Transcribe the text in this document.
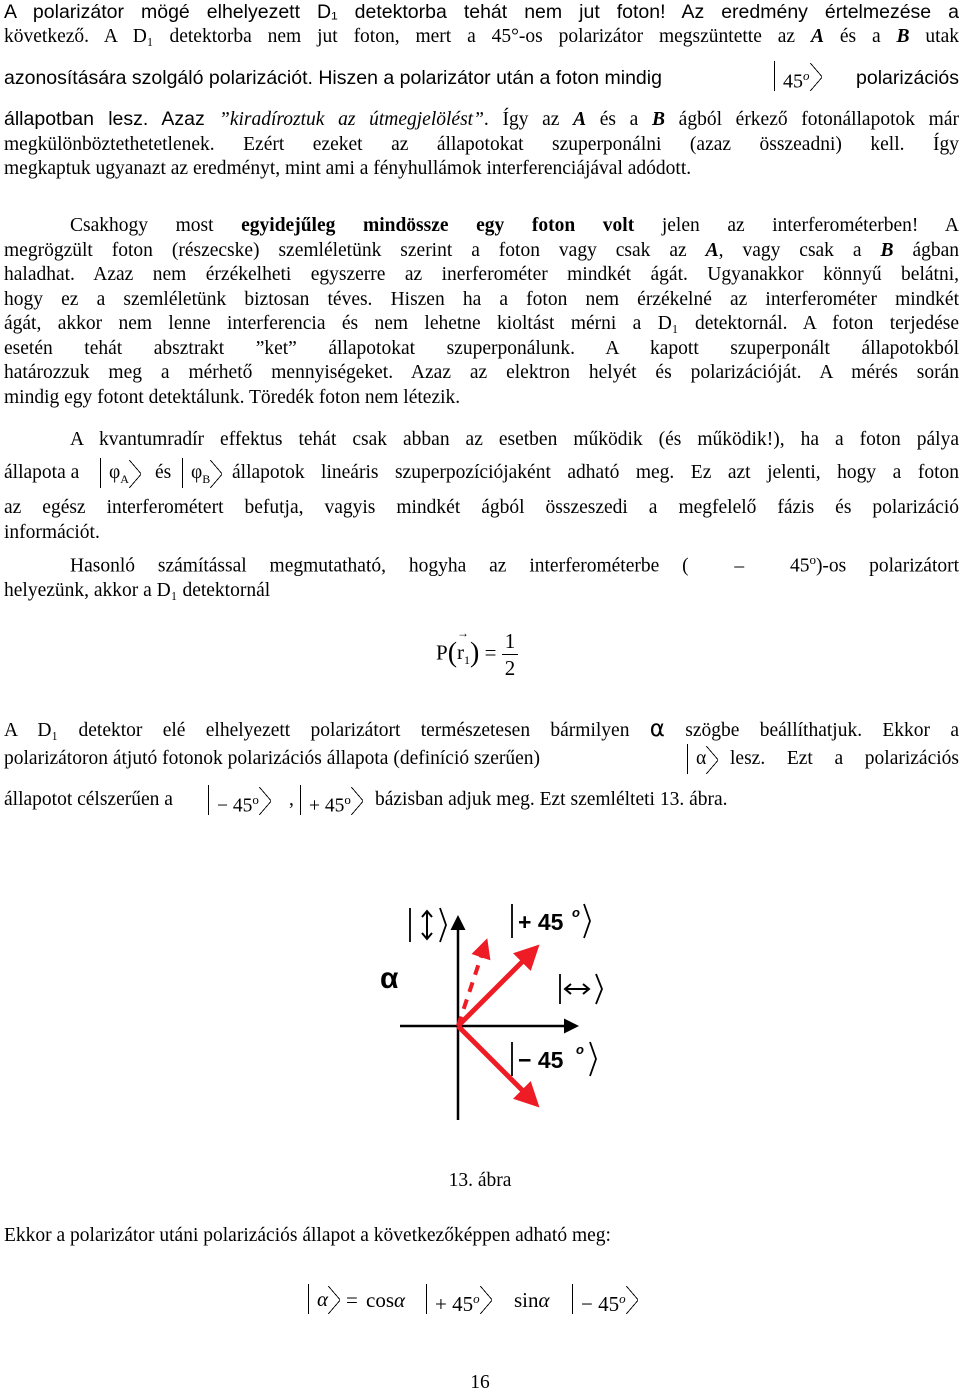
A polarizátor mögé elhelyezett D₁ detektorba tehát nem jut foton! Az eredmény értelmezése a
következő. A D₁ detektorba nem jut foton, mert a 45°-os polarizátor megszüntette az A és a B utak
azonosítására szolgáló polarizációt. Hiszen a polarizátor után a foton mindig	45$^o$	polarizációs
állapotban lesz. Azaz ”kiradíroztuk az útmegjelölést”. Így az A és a B ágból érkező fotonállapotok már
megkülönböztethetetlenek. Ezért ezeket az állapotokat szuperponálni (azaz összeadni) kell. Így
megkaptuk ugyanazt az eredményt, mint ami a fényhullámok interferenciájával adódott.
Csakhogy most egyidejűleg mindössze egy foton volt jelen az interferométerben! A
megrögzült foton (részecske) szemléletünk szerint a foton vagy csak az A, vagy csak a B ágban
haladhat. Azaz nem érzékelheti egyszerre az inerferométer mindkét ágát. Ugyanakkor könnyű belátni,
hogy ez a szemléletünk biztosan téves. Hiszen ha a foton nem érzékelné az interferométer mindkét
ágát, akkor nem lenne interferencia és nem lehetne kioltást mérni a D₁ detektornál. A foton terjedése
esetén tehát absztrakt ”ket” állapotokat szuperponálunk. A kapott szuperponált állapotokból
határozzuk meg a mérhető mennyiségeket. Azaz az elektron helyét és polarizációját. A mérés során
mindig egy fotont detektálunk. Töredék foton nem létezik.
A kvantumradír effektus tehát csak abban az esetben működik (és működik!), ha a foton pálya
állapota a	$\varphi_A$	és	$\varphi_B$	állapotok lineáris szuperpozíciójaként adható meg. Ez azt jelenti, hogy a foton
az egész interferométert befutja, vagyis mindkét ágból összeszedi a megfelelő fázis és polarizáció
információt.
Hasonló számítással megmutatható, hogyha az interferométerbe ( – 45$^o$)-os polarizátort
helyezünk, akkor a D₁ detektornál
P(r
→
$_1) = \frac{1}{2}$
A D₁ detektor elé elhelyezett polarizátort természetesen bármilyen α szögbe beállíthatjuk. Ekkor a
polarizátoron átjutó fotonok polarizációs állapota (definíció szerűen)	α	lesz. Ezt a polarizációs
állapotot célszerűen a	− $45^o$	, + $45^o$	bázisban adjuk meg. Ezt szemlélteti 13. ábra.
α
+ 45 o
− 45 o
13. ábra
Ekkor a polarizátor utáni polarizációs állapot a következőképpen adható meg:
α = cosα	+ $45^o$	sinα	− $45^o$
16
